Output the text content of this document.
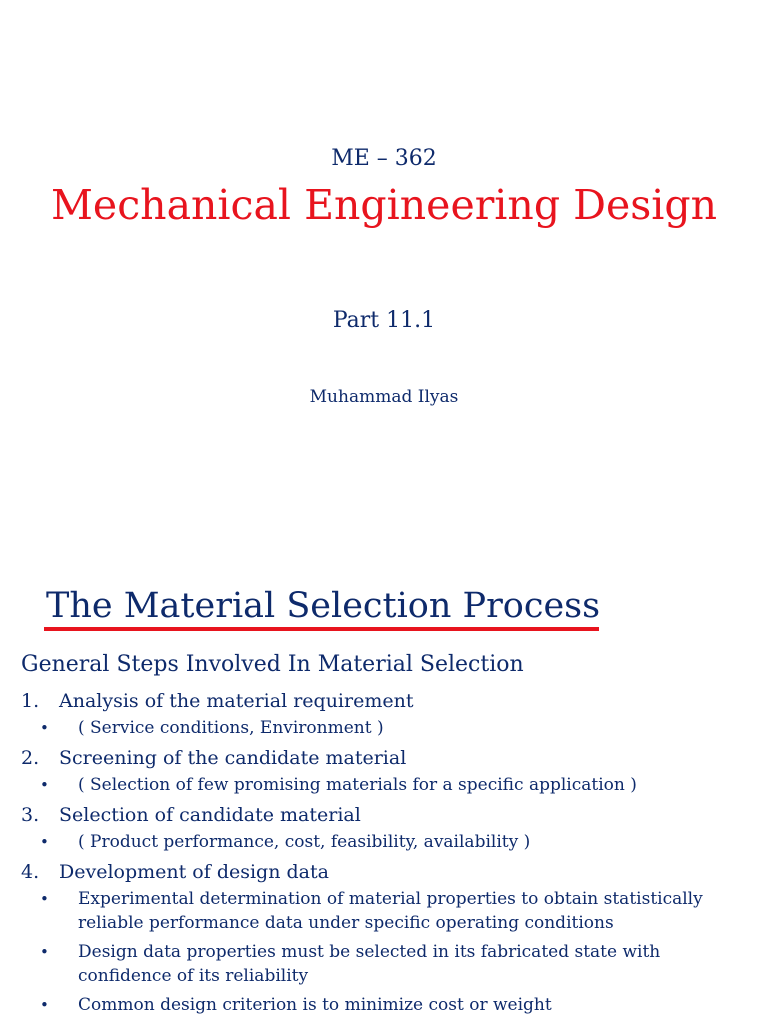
ME – 362
Mechanical Engineering Design
Part 11.1
Muhammad Ilyas
The Material Selection Process
General Steps Involved In Material Selection
1. Analysis of the material requirement
• ( Service conditions, Environment )
2. Screening of the candidate material
• ( Selection of few promising materials for a specific application )
3. Selection of candidate material
• ( Product performance, cost, feasibility, availability )
4. Development of design data
• Experimental determination of material properties to obtain statistically reliable performance data under specific operating conditions
• Design data properties must be selected in its fabricated state with confidence of its reliability
• Common design criterion is to minimize cost or weight
